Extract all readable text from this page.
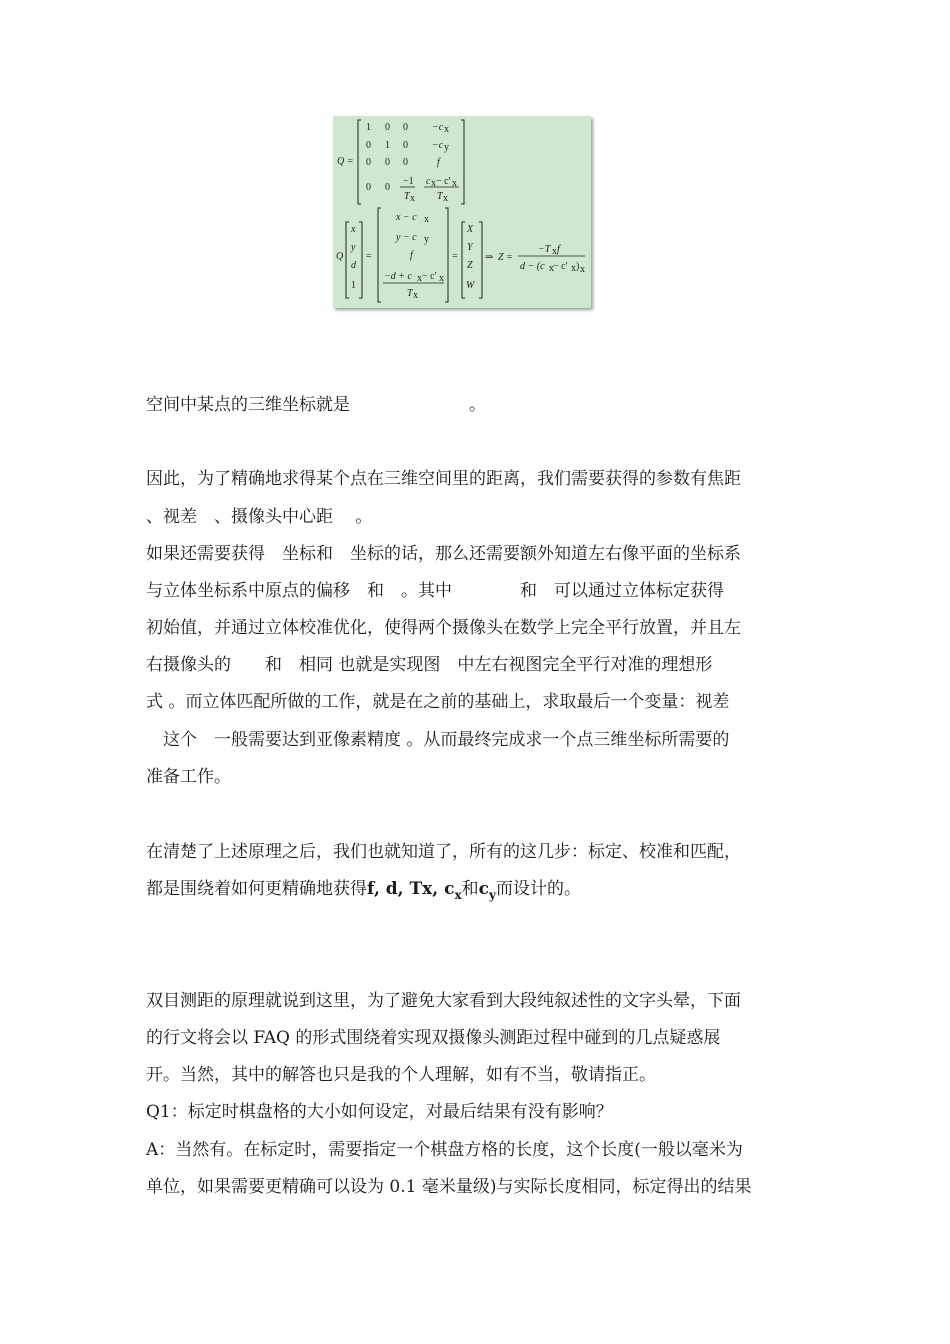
Q =
1 0 0 −c x
0 1 0 −c y
0 0 0	f
0 0
−1
T x
c x − c′ x
T x
Q
x
y
d
1
=
x − c x
y − c y
f
−d + c x − c′ x
T x
=
X
Y
Z
W
⇒ Z =
−T x f
d − (c x − c′ x ) x
空间中某点的三维坐标就是　　　　　　　。
因此，为了精确地求得某个点在三维空间里的距离，我们需要获得的参数有焦距
、视差　、摄像头中心距　 。
如果还需要获得　坐标和　坐标的话，那么还需要额外知道左右像平面的坐标系
与立体坐标系中原点的偏移　和　。其中　　　　和　可以通过立体标定获得
初始值，并通过立体校准优化，使得两个摄像头在数学上完全平行放置，并且左
右摄像头的　　和　相同 也就是实现图　中左右视图完全平行对准的理想形
式 。而立体匹配所做的工作，就是在之前的基础上，求取最后一个变量：视差
　这个　一般需要达到亚像素精度 。从而最终完成求一个点三维坐标所需要的
准备工作。
在清楚了上述原理之后，我们也就知道了，所有的这几步：标定、校准和匹配，
都是围绕着如何更精确地获得f, d, Tx, $c_x$和$c_y$而设计的。
双目测距的原理就说到这里，为了避免大家看到大段纯叙述性的文字头晕，下面
的行文将会以 FAQ 的形式围绕着实现双摄像头测距过程中碰到的几点疑惑展
开。当然，其中的解答也只是我的个人理解，如有不当，敬请指正。
Q1：标定时棋盘格的大小如何设定，对最后结果有没有影响？
A：当然有。在标定时，需要指定一个棋盘方格的长度，这个长度(一般以毫米为
单位，如果需要更精确可以设为 0.1 毫米量级)与实际长度相同，标定得出的结果
